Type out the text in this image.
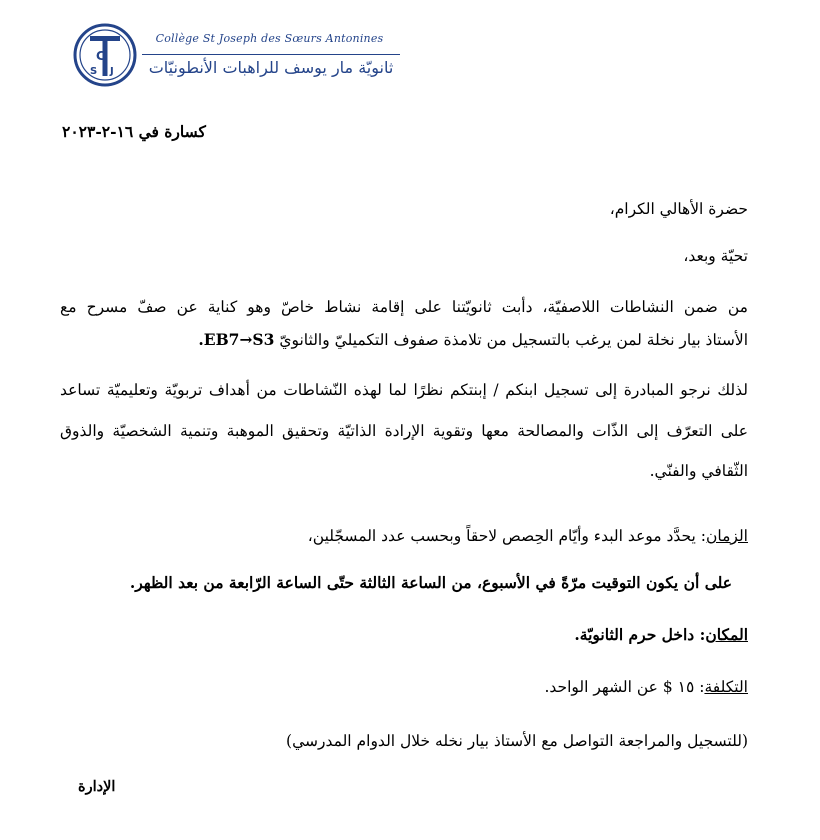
C
S J
Collège St Joseph des Sœurs Antonines
ثانويّة مار يوسف للراهبات الأنطونيّات
كسارة في ١٦-٢-٢٠٢٣
حضرة الأهالي الكرام،
تحيّة وبعد،
من ضمن النشاطات اللاصفيّة، دأبت ثانويّتنا على إقامة نشاط خاصّ وهو كناية عن صفّ مسرح مع
الأستاذ بيار نخلة لمن يرغب بالتسجيل من تلامذة صفوف التكميليّ والثانويّ EB7→S3.
لذلك نرجو المبادرة إلى تسجيل ابنكم / إبنتكم نظرًا لما لهذه النّشاطات من أهداف تربويّة وتعليميّة تساعد
على التعرّف إلى الذّات والمصالحة معها وتقوية الإرادة الذاتيّة وتحقيق الموهبة وتنمية الشخصيّة والذوق
الثّقافي والفنّي.
الزمان: يحدَّد موعد البدء وأيّام الحِصص لاحقاً وبحسب عدد المسجّلين،
على أن يكون التوقيت مرّةً في الأسبوع، من الساعة الثالثة حتّى الساعة الرّابعة من بعد الظهر.
المكان: داخل حرم الثانويّة.
التكلفة: ١٥ $ عن الشهر الواحد.
(للتسجيل والمراجعة التواصل مع الأستاذ بيار نخله خلال الدوام المدرسي)
الإدارة
